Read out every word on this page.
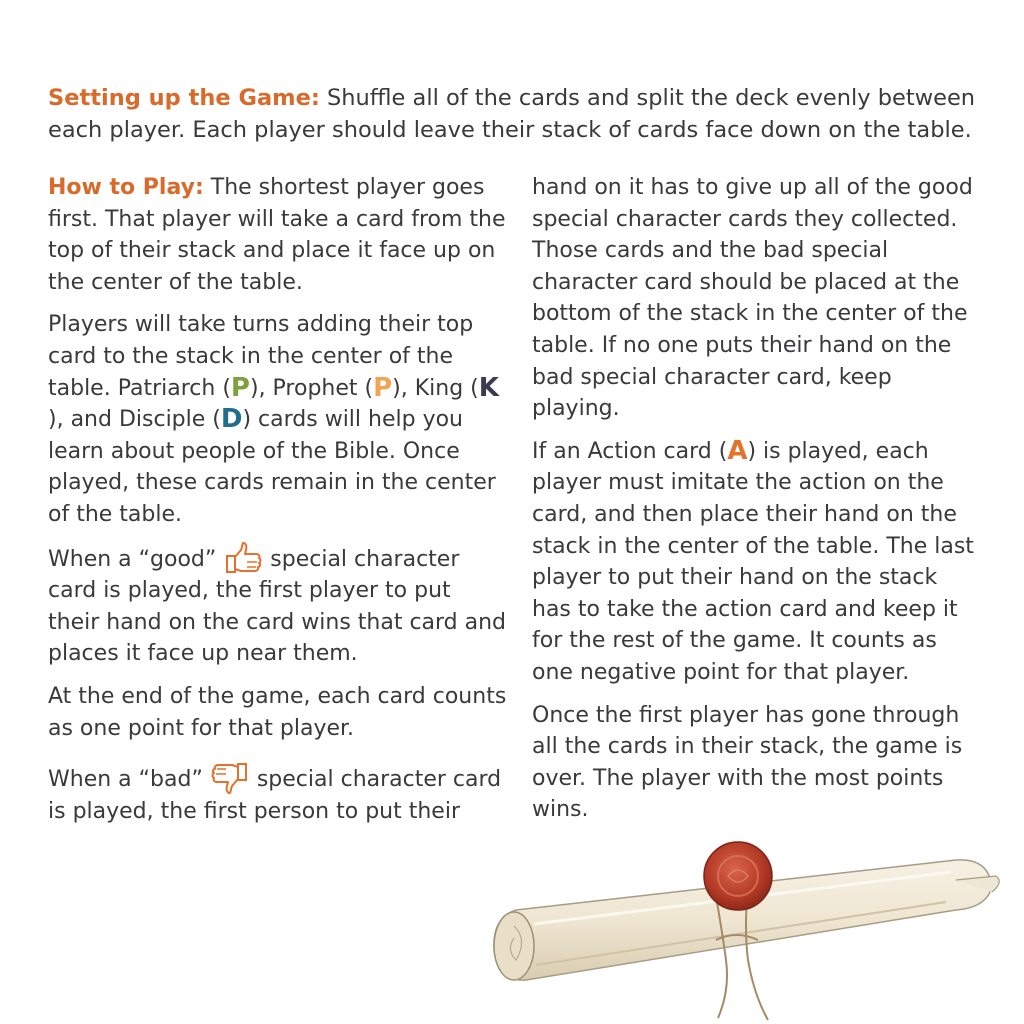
Setting up the Game: Shuffle all of the cards and split the deck evenly between each player. Each player should leave their stack of cards face down on the table.

How to Play: The shortest player goes first. That player will take a card from the top of their stack and place it face up on the center of the table.

Players will take turns adding their top card to the stack in the center of the table. Patriarch (P), Prophet (P), King (K), and Disciple (D) cards will help you learn about people of the Bible. Once played, these cards remain in the center of the table.

When a “good”  special character card is played, the first player to put their hand on the card wins that card and places it face up near them.

At the end of the game, each card counts as one point for that player.

When a “bad”  special character card is played, the first person to put their

hand on it has to give up all of the good special character cards they collected. Those cards and the bad special character card should be placed at the bottom of the stack in the center of the table. If no one puts their hand on the bad special character card, keep playing.

If an Action card (A) is played, each player must imitate the action on the card, and then place their hand on the stack in the center of the table. The last player to put their hand on the stack has to take the action card and keep it for the rest of the game. It counts as one negative point for that player.

Once the first player has gone through all the cards in their stack, the game is over. The player with the most points wins.
